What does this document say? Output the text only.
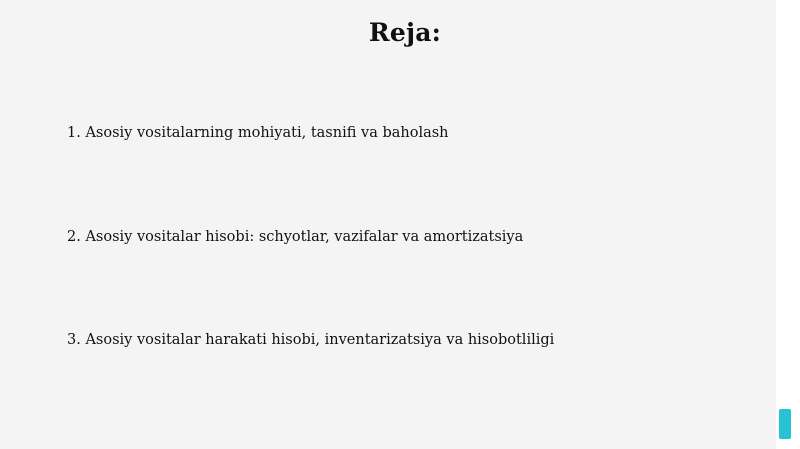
Reja:
1. Asosiy vositalarning mohiyati, tasnifi va baholash
2. Asosiy vositalar hisobi: schyotlar, vazifalar va amortizatsiya
3. Asosiy vositalar harakati hisobi, inventarizatsiya va hisobotliligi
